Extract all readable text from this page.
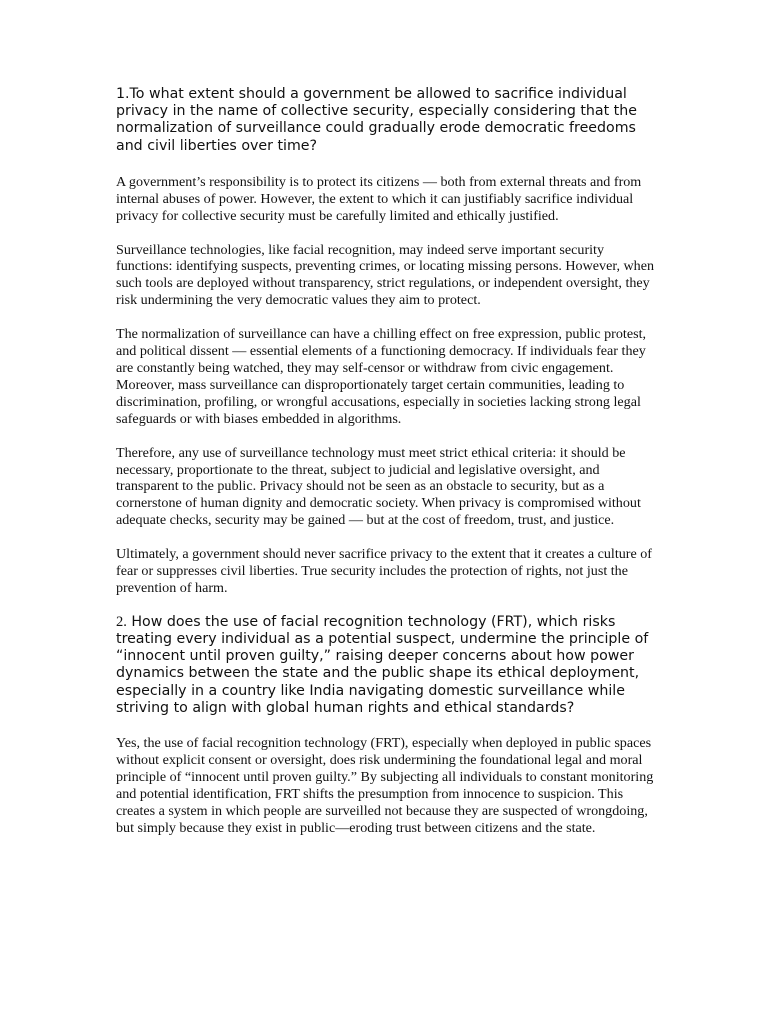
1.To what extent should a government be allowed to sacrifice individual privacy in the name of collective security, especially considering that the normalization of surveillance could gradually erode democratic freedoms and civil liberties over time?

A government’s responsibility is to protect its citizens — both from external threats and from internal abuses of power. However, the extent to which it can justifiably sacrifice individual privacy for collective security must be carefully limited and ethically justified.

Surveillance technologies, like facial recognition, may indeed serve important security functions: identifying suspects, preventing crimes, or locating missing persons. However, when such tools are deployed without transparency, strict regulations, or independent oversight, they risk undermining the very democratic values they aim to protect.

The normalization of surveillance can have a chilling effect on free expression, public protest, and political dissent — essential elements of a functioning democracy. If individuals fear they are constantly being watched, they may self-censor or withdraw from civic engagement. Moreover, mass surveillance can disproportionately target certain communities, leading to discrimination, profiling, or wrongful accusations, especially in societies lacking strong legal safeguards or with biases embedded in algorithms.

Therefore, any use of surveillance technology must meet strict ethical criteria: it should be necessary, proportionate to the threat, subject to judicial and legislative oversight, and transparent to the public. Privacy should not be seen as an obstacle to security, but as a cornerstone of human dignity and democratic society. When privacy is compromised without adequate checks, security may be gained — but at the cost of freedom, trust, and justice.

Ultimately, a government should never sacrifice privacy to the extent that it creates a culture of fear or suppresses civil liberties. True security includes the protection of rights, not just the prevention of harm.

2. How does the use of facial recognition technology (FRT), which risks treating every individual as a potential suspect, undermine the principle of “innocent until proven guilty,” raising deeper concerns about how power dynamics between the state and the public shape its ethical deployment, especially in a country like India navigating domestic surveillance while striving to align with global human rights and ethical standards?

Yes, the use of facial recognition technology (FRT), especially when deployed in public spaces without explicit consent or oversight, does risk undermining the foundational legal and moral principle of “innocent until proven guilty.” By subjecting all individuals to constant monitoring and potential identification, FRT shifts the presumption from innocence to suspicion. This creates a system in which people are surveilled not because they are suspected of wrongdoing, but simply because they exist in public—eroding trust between citizens and the state.
